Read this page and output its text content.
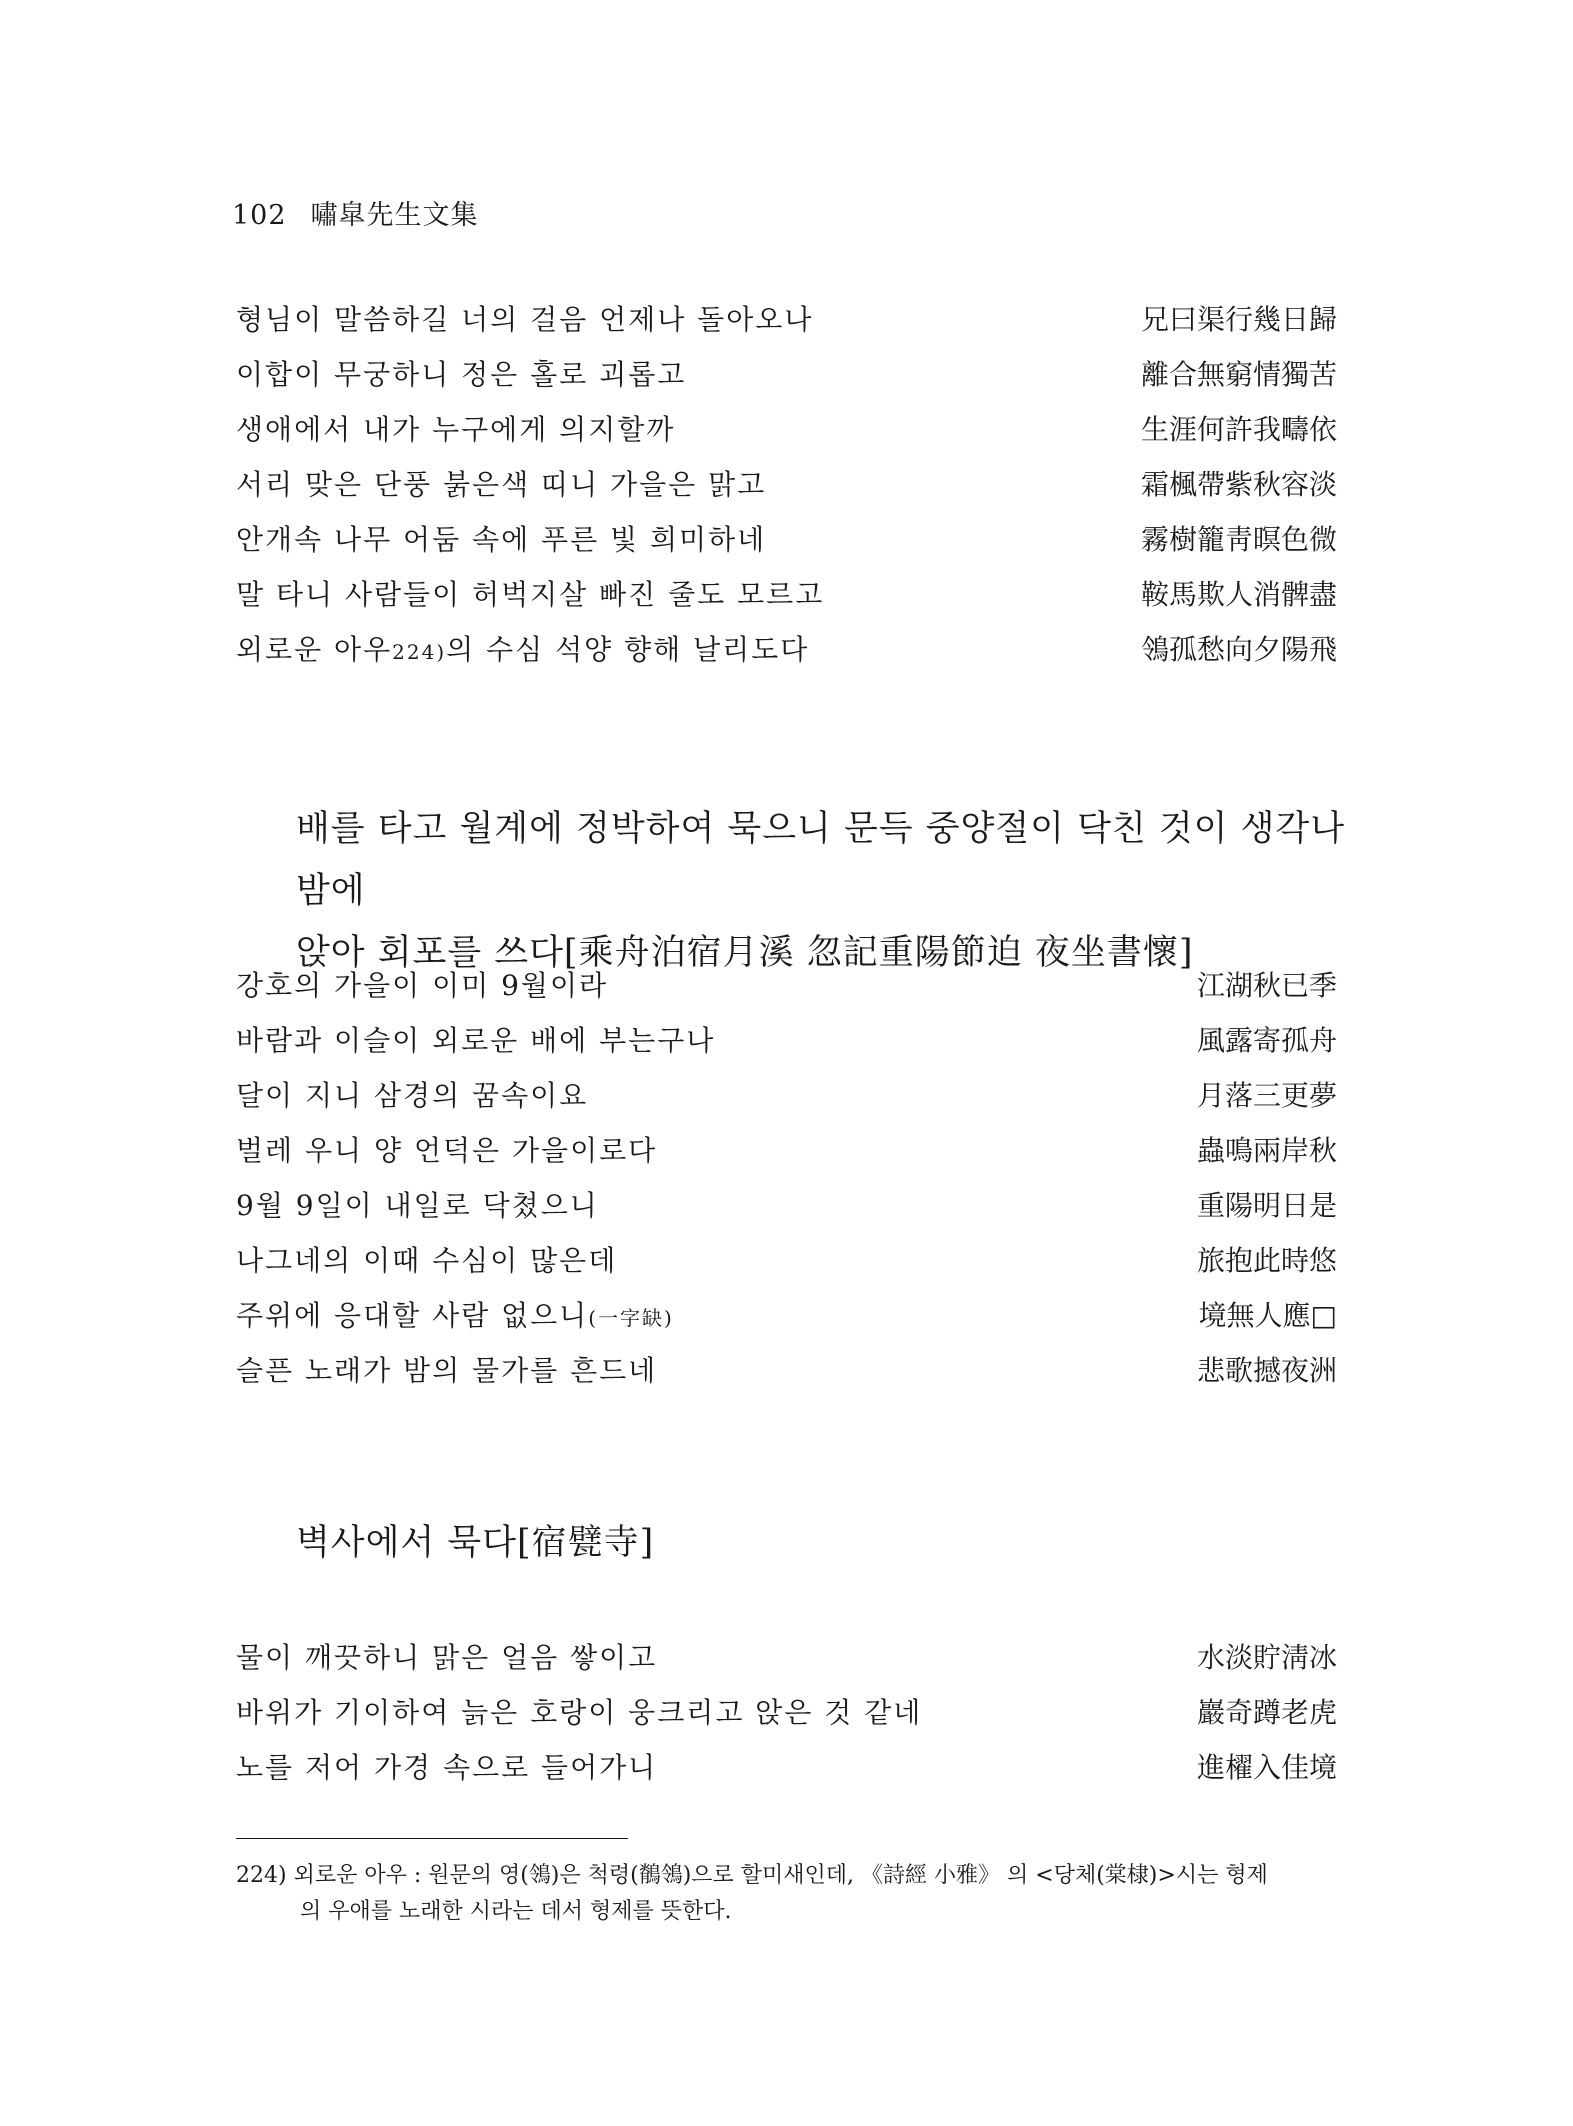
102 嘯皐先生文集
형님이 말씀하길 너의 걸음 언제나 돌아오나	兄曰渠行幾日歸
이합이 무궁하니 정은 홀로 괴롭고	離合無窮情獨苦
생애에서 내가 누구에게 의지할까	生涯何許我疇依
서리 맞은 단풍 붉은색 띠니 가을은 맑고	霜楓帶紫秋容淡
안개속 나무 어둠 속에 푸른 빛 희미하네	霧樹籠靑暝色微
말 타니 사람들이 허벅지살 빠진 줄도 모르고	鞍馬欺人消髀盡
외로운 아우224)의 수심 석양 향해 날리도다	鴒孤愁向夕陽飛
배를 타고 월계에 정박하여 묵으니 문득 중양절이 닥친 것이 생각나 밤에
앉아 회포를 쓰다[乘舟泊宿月溪 忽記重陽節迫 夜坐書懷]
강호의 가을이 이미 9월이라	江湖秋已季
바람과 이슬이 외로운 배에 부는구나	風露寄孤舟
달이 지니 삼경의 꿈속이요	月落三更夢
벌레 우니 양 언덕은 가을이로다	蟲鳴兩岸秋
9월 9일이 내일로 닥쳤으니	重陽明日是
나그네의 이때 수심이 많은데	旅抱此時悠
주위에 응대할 사람 없으니(一字缺)	境無人應□
슬픈 노래가 밤의 물가를 흔드네	悲歌撼夜洲
벽사에서 묵다[宿甓寺]
물이 깨끗하니 맑은 얼음 쌓이고	水淡貯淸冰
바위가 기이하여 늙은 호랑이 웅크리고 앉은 것 같네	巖奇蹲老虎
노를 저어 가경 속으로 들어가니	進櫂入佳境
224) 외로운 아우 : 원문의 영(鴒)은 척령(鶺鴒)으로 할미새인데, 《詩經 小雅》 의 <당체(棠棣)>시는 형제
의 우애를 노래한 시라는 데서 형제를 뜻한다.
